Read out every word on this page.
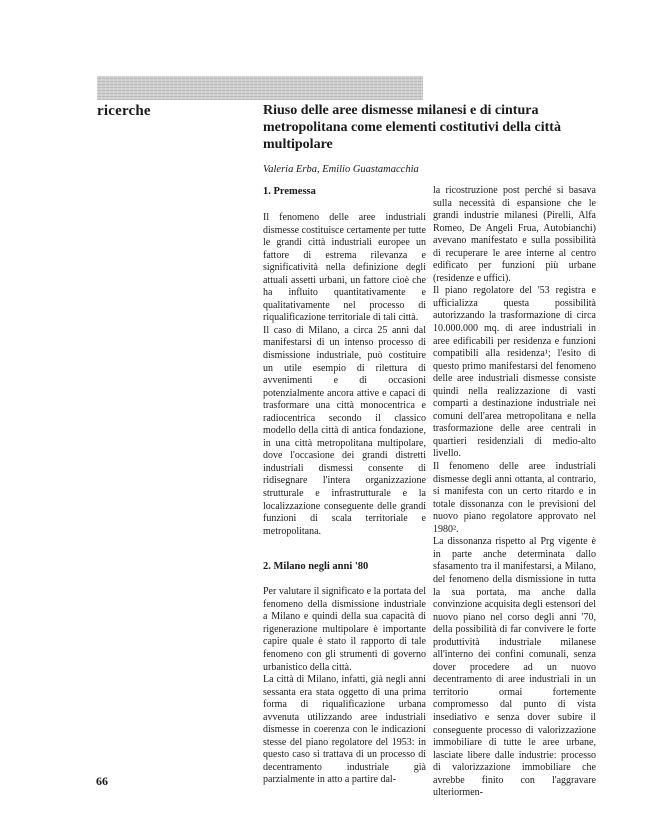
ricerche	Riuso delle aree dismesse milanesi e di cintura metropolitana come elementi costitutivi della città multipolare
Valeria Erba, Emilio Guastamacchia

1. Premessa

Il fenomeno delle aree industriali dismesse costituisce certamente per tutte le grandi città industriali europee un fattore di estrema rilevanza e significatività nella definizione degli attuali assetti urbani, un fattore cioè che ha influito quantitativamente e qualitativamente nel processo di riqualificazione territoriale di tali città.

Il caso di Milano, a circa 25 anni dal manifestarsi di un intenso processo di dismissione industriale, può costituire un utile esempio di rilettura di avvenimenti e di occasioni potenzialmente ancora attive e capaci di trasformare una città monocentrica e radiocentrica secondo il classico modello della città di antica fondazione, in una città metropolitana multipolare, dove l'occasione dei grandi distretti industriali dismessi consente di ridisegnare l'intera organizzazione strutturale e infrastrutturale e la localizzazione conseguente delle grandi funzioni di scala territoriale e metropolitana.

2. Milano negli anni '80

Per valutare il significato e la portata del fenomeno della dismissione industriale a Milano e quindi della sua capacità di rigenerazione multipolare è importante capire quale è stato il rapporto di tale fenomeno con gli strumenti di governo urbanistico della città.

La città di Milano, infatti, già negli anni sessanta era stata oggetto di una prima forma di riqualificazione urbana avvenuta utilizzando aree industriali dismesse in coerenza con le indicazioni stesse del piano regolatore del 1953: in questo caso si trattava di un processo di decentramento industriale già parzialmente in atto a partire dal-

la ricostruzione post perché si basava sulla necessità di espansione che le grandi industrie milanesi (Pirelli, Alfa Romeo, De Angeli Frua, Autobianchi) avevano manifestato e sulla possibilità di recuperare le aree interne al centro edificato per funzioni più urbane (residenze e uffici).

Il piano regolatore del '53 registra e ufficializza questa possibilità autorizzando la trasformazione di circa 10.000.000 mq. di aree industriali in aree edificabili per residenza e funzioni compatibili alla residenza¹; l'esito di questo primo manifestarsi del fenomeno delle aree industriali dismesse consiste quindi nella realizzazione di vasti comparti a destinazione industriale nei comuni dell'area metropolitana e nella trasformazione delle aree centrali in quartieri residenziali di medio-alto livello.

Il fenomeno delle aree industriali dismesse degli anni ottanta, al contrario, si manifesta con un certo ritardo e in totale dissonanza con le previsioni del nuovo piano regolatore approvato nel 1980².

La dissonanza rispetto al Prg vigente è in parte anche determinata dallo sfasamento tra il manifestarsi, a Milano, del fenomeno della dismissione in tutta la sua portata, ma anche dalla convinzione acquisita degli estensori del nuovo piano nel corso degli anni '70, della possibilità di far convivere le forte produttività industriale milanese all'interno dei confini comunali, senza dover procedere ad un nuovo decentramento di aree industriali in un territorio ormai fortemente compromesso dal punto di vista insediativo e senza dover subire il conseguente processo di valorizzazione immobiliare di tutte le aree urbane, lasciate libere dalle industrie: processo di valorizzazione immobiliare che avrebbe finito con l'aggravare ulteriormen-

66
